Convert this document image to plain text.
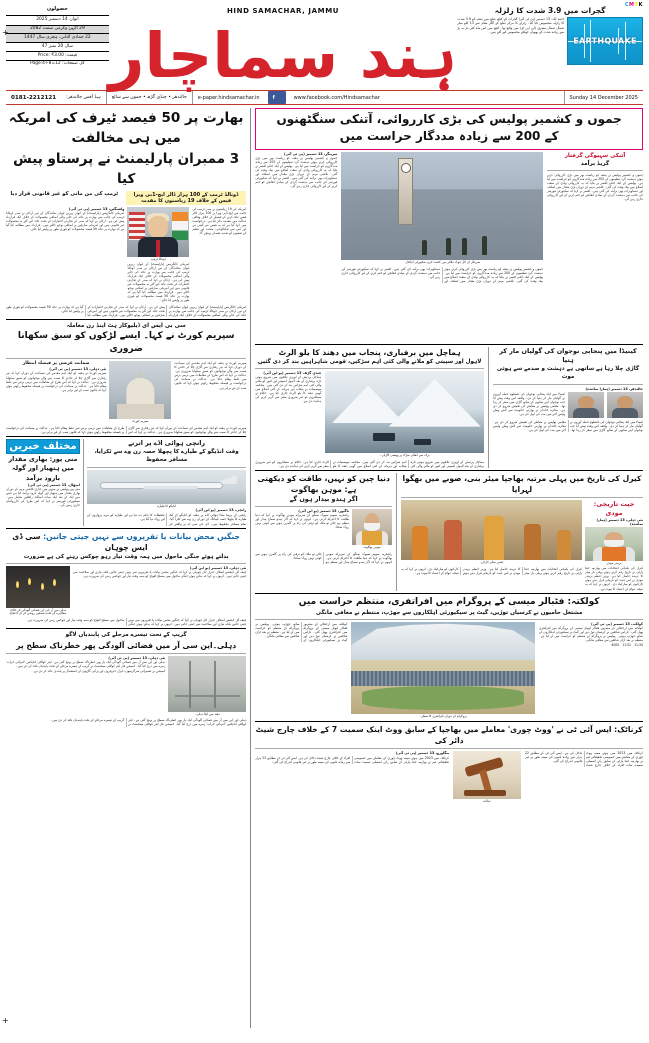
CMYK
+
گجرات میں 3.9 شدت کا زلزلہ
EARTHQUAKE
احمد آباد، 13 دسمبر (پی ٹی آئی) گجرات کے کچھ ضلع میں ہفتہ کو 3.9 شدت کا زلزلہ محسوس کیا گیا۔ زلزلے کا مرکز ضلع کے گگر مقام سے 13 کلو میٹر شمال شمال مشرق (این این ای) میں واقع تھا۔ کچھ میں اس ماہ کئی بار یہ پڑ سے زیادہ شدت کے بھوپاں جھٹکے محسوس کیے گئے ہیں۔
HIND SAMACHAR, JAMMU
ہند سماچار
حصولوں
اتوار، 14 دسمبر 2025
29 اگہن وکرمی سمت 2082
22 جمادی الثانی، ہجری سال 1447
سال 20 نمبر 47
قیمت: Price: ₹3.00
کل صفحات: Page:4+8=12
0181-2212121	ہیڈ آفس جالندھر:	جالندھر • چنڈی گڑھ • جموں سے شائع	e-paper.hindsamachar.in	f	www.facebook.com/Hindsamachar	Sunday 14 December 2025
جموں و کشمیر پولیس کی بڑی کارروائی، آتنکی سنگٹھنوں
کے 200 سے زیادہ مددگار حراست میں
آتنکی سہیوگی گرفتار
گریڈ برآمد
جموں و کشمیر پولیس نے ہفتہ کو ریاست بھر میں بڑی کارروائی کرتے ہوئے دہشت گرد تنظیموں کے 200 سے زیادہ مددگاروں کو حراست میں لیا ہے۔ پولیس کے ایک اعلیٰ افسر نے بتایا کہ یہ کارروائی وادی کے متعدد اضلاع میں بیک وقت کی گئی۔ تلاشی مہم کے دوران بڑی مقدار میں اسلحہ اور دستاویزات بھی برآمد کی گئی ہیں۔ افسر نے کہا کہ سکیورٹی فورسز کی جانب سے دہشت گردی کے بنیادی ڈھانچے کو ختم کرنے کے لیے کارروائی جاری رہے گی۔
سرینگر کے لال چوک علاقے میں گشت کرتے سکیورٹی اہلکار۔
جموں و کشمیر پولیس نے ہفتہ کو ریاست بھر میں بڑی کارروائی کرتے ہوئے دہشت گرد تنظیموں کے 200 سے زیادہ مددگاروں کو حراست میں لیا ہے۔ پولیس کے ایک اعلیٰ افسر نے بتایا کہ یہ کارروائی وادی کے متعدد اضلاع میں بیک وقت کی گئی۔ تلاشی مہم کے دوران بڑی مقدار میں اسلحہ اور دستاویزات بھی برآمد کی گئی ہیں۔ افسر نے کہا کہ سکیورٹی فورسز کی جانب سے دہشت گردی کے بنیادی ڈھانچے کو ختم کرنے کے لیے کارروائی جاری رہے گی۔
سرینگر، 13 دسمبر (پی ٹی آئی)
جموں و کشمیر پولیس نے ہفتہ کو ریاست بھر میں بڑی کارروائی کرتے ہوئے دہشت گرد تنظیموں کے 200 سے زیادہ مددگاروں کو حراست میں لیا ہے۔ پولیس کے ایک اعلیٰ افسر نے بتایا کہ یہ کارروائی وادی کے متعدد اضلاع میں بیک وقت کی گئی۔ تلاشی مہم کے دوران بڑی مقدار میں اسلحہ اور دستاویزات بھی برآمد کی گئی ہیں۔ افسر نے کہا کہ سکیورٹی فورسز کی جانب سے دہشت گردی کے بنیادی ڈھانچے کو ختم کرنے کے لیے کارروائی جاری رہے گی۔
کینیڈا میں پنجابی نوجوان کی گولیاں مار کر ہتیا
گاڑی چلا رہا ہے ساتھی ہے دہشت و صدمے سے ہوئی موت
جالندھر، 13 دسمبر (ہمارا نمائندہ)
کینیڈا میں ایک پنجابی نوجوان کی نامعلوم حملہ آوروں نے گولیاں مار کر ہتیا کر دی۔ واقعہ اس وقت پیش آیا جب نوجوان اپنے ساتھی کے ساتھ گاڑی میں سفر کر رہا تھا۔ مقامی پولیس نے معاملے کی تفتیش شروع کر دی ہے۔ متاثرہ خاندان نے بھارتی حکومت سے لاش وطن واپس لانے میں مدد کی اپیل کی ہے۔
کینیڈا میں ایک پنجابی نوجوان کی نامعلوم حملہ آوروں نے گولیاں مار کر ہتیا کر دی۔ واقعہ اس وقت پیش آیا جب نوجوان اپنے ساتھی کے ساتھ گاڑی میں سفر کر رہا تھا۔ مقامی پولیس نے معاملے کی تفتیش شروع کر دی ہے۔ متاثرہ خاندان نے بھارتی حکومت سے لاش وطن واپس لانے میں مدد کی اپیل کی ہے۔
ہماچل میں برفباری، پنجاب میں دھند کا یلو الرٹ
لاہول اور سپیتی کو ملانے والی کئی اہم سڑکیں، قومی شاہراہیں بند کر دی گئیں
برف سے ڈھکی سڑک پر پھنسی گاڑیاں۔
چندی گڑھ، 13 دسمبر (یو این آئی)
ہماچل پردیش کے اوپری علاقوں میں شروع ہوئی تازہ برفباری کے بعد لاہول اسپیتی اور کنور کو ملانے والی کئی اہم سڑکیں بند کر دی گئی ہیں۔ محکمہ موسمیات نے پنجاب اور ہریانہ کے کئی اضلاع میں گھنی دھند کا یلو الرٹ جاری کیا ہے۔ حکام نے مسافروں کو غیر ضروری سفر سے گریز کرنے کی ہدایت دی ہے۔
ہماچل پردیش کے اوپری علاقوں میں شروع ہوئی تازہ برفباری کے بعد لاہول اسپیتی اور کنور کو ملانے والی کئی اہم سڑکیں بند کر دی گئی ہیں۔ محکمہ موسمیات نے پنجاب اور ہریانہ کے کئی اضلاع میں گھنی دھند کا یلو الرٹ جاری کیا ہے۔ حکام نے مسافروں کو غیر ضروری سفر سے گریز کرنے کی ہدایت دی ہے۔
کیرل کی تاریخ میں پہلی مرتبہ بھاجپا میئر بنی، صوبے میں بھگوا لہرایا
جیت تاریخی: مودی
نئی دہلی، 13 دسمبر (ہمارا نمائندہ)
نریندر مودی
کیرل کی بلدیاتی انتخابات میں بھارتیہ جنتا پارٹی نے تاریخ رقم کرتے ہوئے پہلی بار میئر کا عہدہ حاصل کیا ہے۔ وزیر اعظم نریندر مودی نے اس جیت کو تاریخی قرار دیتے ہوئے کارکنوں کو مبارکباد دی۔ انہوں نے کہا کہ یہ نتیجہ عوام کے اعتماد کا ثبوت ہے۔
جشن مناتے کارکن۔
کیرل کی بلدیاتی انتخابات میں بھارتیہ جنتا پارٹی نے تاریخ رقم کرتے ہوئے پہلی بار میئر کا عہدہ حاصل کیا ہے۔ وزیر اعظم نریندر مودی نے اس جیت کو تاریخی قرار دیتے ہوئے کارکنوں کو مبارکباد دی۔ انہوں نے کہا کہ یہ نتیجہ عوام کے اعتماد کا ثبوت ہے۔
دنیا چین کو نہیں، طاقت کو دیکھتی ہے: موہن بھاگوت
اگر ہندو بیدار ہوں گے
موہن بھاگوت
ناگپور، 13 دسمبر (یو این آئی)
راشٹریہ سویم سیوک سنگھ کے سربراہ موہن بھاگوت نے کہا کہ دنیا طاقت کا احترام کرتی ہے۔ انہوں نے کہا کہ اگر ہندو سماج بیدار اور منظم ہو جائے تو ملک کو ترقی کی راہ پر گامزن ہونے سے کوئی نہیں روک سکتا۔
راشٹریہ سویم سیوک سنگھ کے سربراہ موہن بھاگوت نے کہا کہ دنیا طاقت کا احترام کرتی ہے۔ انہوں نے کہا کہ اگر ہندو سماج بیدار اور منظم ہو جائے تو ملک کو ترقی کی راہ پر گامزن ہونے سے کوئی نہیں روک سکتا۔
کولکتہ: فٹبالر میسی کے پروگرام میں افراتفری، منتظم حراست میں
مشتعل حامیوں نے کرسیاں توڑیں، گیٹ پر سیکیورٹی اہلکاروں سے جھڑپ، منتظم نے معافی مانگی
کولکتہ، 13 دسمبر (پی ٹی آئی)
کولکتہ میں ارجنٹائن کے مشہور فٹبالر لیونل میسی کے پروگرام میں افراتفری پھیل گئی۔ ناراض شائقین نے کرسیاں توڑ دیں اور گیٹ پر سیکیورٹی اہلکاروں کے ساتھ جھڑپ ہوئی۔ پولیس نے پروگرام کے منتظم کو حراست میں لے لیا ہے۔ منتظم نے بعد ازاں شائقین سے معافی مانگی۔
11:30   11:52   4000
پروگرام کے دوران افراتفری کا منظر۔
کولکتہ میں ارجنٹائن کے مشہور فٹبالر لیونل میسی کے پروگرام میں افراتفری پھیل گئی۔ ناراض شائقین نے کرسیاں توڑ دیں اور گیٹ پر سیکیورٹی اہلکاروں کے ساتھ جھڑپ ہوئی۔ پولیس نے پروگرام کے منتظم کو حراست میں لے لیا ہے۔ منتظم نے بعد ازاں شائقین سے معافی مانگی۔
کرناٹک: ایس آئی ٹی نے 'ووٹ چوری' معاملے میں بھاجپا کے سابق ووٹ اینک سمیت 7 کے خلاف چارج شیٹ دائر کی
کرناٹک میں 2023 میں ہوئے مبینہ ووٹ چوری کے معاملے میں خصوصی تحقیقاتی ٹیم نے بھارتیہ جنتا پارٹی کے سابق رکن اسمبلی سمیت سات افراد کے خلاف چارج شیٹ داخل کی ہے۔ ایس آئی ٹی کے مطابق 22 ہزار سے زیادہ ناموں کی مبینہ طور پر غیر قانونی اندراج کی گئی۔
عدالت
بنگلورو، 13 دسمبر (پی ٹی آئی)
کرناٹک میں 2023 میں ہوئے مبینہ ووٹ چوری کے معاملے میں خصوصی تحقیقاتی ٹیم نے بھارتیہ جنتا پارٹی کے سابق رکن اسمبلی سمیت سات افراد کے خلاف چارج شیٹ داخل کی ہے۔ ایس آئی ٹی کے مطابق 22 ہزار سے زیادہ ناموں کی مبینہ طور پر غیر قانونی اندراج کی گئی۔
بھارت پر 50 فیصد ٹیرف کی امریکہ میں ہی مخالفت
3 ممبران پارلیمنٹ نے پرستاو پیش کیا
ڈونالڈ ٹرمپ کے 100 ہزار ڈالر ایچ-1بی ویزا فیس کے خلاف 19 ریاستوں کا مقدمہ
ٹرمپ کی من مانی کو غیر قانونی قرار دیا
امریکہ کی 19 ریاستوں نے صدر ٹرمپ کی جانب سے ایچ-1بی ویزا پر 100 ہزار ڈالر فیس عائد کرنے کے فیصلے کے خلاف وفاقی عدالت میں مقدمہ دائر کیا ہے۔ درخواست میں کہا گیا ہے کہ یہ فیس غیر آئینی ہے اور اس سے ٹیکنالوجی، صحت اور تعلیم کے شعبوں کو شدید نقصان پہنچے گا۔
ڈونالڈ ٹرمپ
امریکی کانگریس (پارلیمنٹ) کے ایوان زیریں ایوان نمائندگان کے تین ارکان نے صدر ڈونالڈ ٹرمپ کی جانب سے بھارت پر عائد کی جانے والی اضافی محصولات کے خلاف ایک قرارداد پیش کی ہے۔ ارکان نے کہا کہ صدر کے تجارتی اختیارات کے تحت عائد کیے گئے یہ محصولات غیر قانونی ہیں اور امریکی صارفین پر اضافی بوجھ ڈالتے ہیں۔ قرارداد میں مطالبہ کیا گیا ہے کہ بھارت پر عائد 50 فیصد محصولات کو فوری طور پر واپس لیا جائے۔
واشنگٹن، 13 دسمبر (پی ٹی آئی)
امریکی کانگریس (پارلیمنٹ) کے ایوان زیریں ایوان نمائندگان کے تین ارکان نے صدر ڈونالڈ ٹرمپ کی جانب سے بھارت پر عائد کی جانے والی اضافی محصولات کے خلاف ایک قرارداد پیش کی ہے۔ ارکان نے کہا کہ صدر کے تجارتی اختیارات کے تحت عائد کیے گئے یہ محصولات غیر قانونی ہیں اور امریکی صارفین پر اضافی بوجھ ڈالتے ہیں۔ قرارداد میں مطالبہ کیا گیا ہے کہ بھارت پر عائد 50 فیصد محصولات کو فوری طور پر واپس لیا جائے۔
امریکی کانگریس (پارلیمنٹ) کے ایوان زیریں ایوان نمائندگان کے تین ارکان نے صدر ڈونالڈ ٹرمپ کی جانب سے بھارت پر عائد کی جانے والی اضافی محصولات کے خلاف ایک قرارداد پیش کی ہے۔ ارکان نے کہا کہ صدر کے تجارتی اختیارات کے تحت عائد کیے گئے یہ محصولات غیر قانونی ہیں اور امریکی صارفین پر اضافی بوجھ ڈالتے ہیں۔ قرارداد میں مطالبہ کیا گیا ہے کہ بھارت پر عائد 50 فیصد محصولات کو فوری طور پر واپس لیا جائے۔
سی بی ایس ای ڈیلیوکار ہٹ اینڈ رن معاملہ
سپریم کورٹ نے کہا۔ ایسے لڑکوں کو سبق سکھانا ضروری
سپریم کورٹ نے ہفتہ کو ایک اہم مقدمے کی سماعت کے دوران کہا کہ تیز رفتاری سے گاڑی چلا کر حادثے کا سبب بننے والے نوجوانوں کو سبق سکھانا ضروری ہے۔ عدالت نے کہا کہ اس طرح کے معاملات میں نرمی برتنے سے غلط پیغام جاتا ہے۔ عدالت نے ضمانت کی درخواست پر فیصلہ محفوظ رکھتے ہوئے کہا کہ قانون سب کے لیے برابر ہے۔
سپریم کورٹ
ضمانت عرضی پر فیصلہ انتظار
نئی دہلی، 13 دسمبر (پی ٹی آئی)
سپریم کورٹ نے ہفتہ کو ایک اہم مقدمے کی سماعت کے دوران کہا کہ تیز رفتاری سے گاڑی چلا کر حادثے کا سبب بننے والے نوجوانوں کو سبق سکھانا ضروری ہے۔ عدالت نے کہا کہ اس طرح کے معاملات میں نرمی برتنے سے غلط پیغام جاتا ہے۔ عدالت نے ضمانت کی درخواست پر فیصلہ محفوظ رکھتے ہوئے کہا کہ قانون سب کے لیے برابر ہے۔
سپریم کورٹ نے ہفتہ کو ایک اہم مقدمے کی سماعت کے دوران کہا کہ تیز رفتاری سے گاڑی چلا کر حادثے کا سبب بننے والے نوجوانوں کو سبق سکھانا ضروری ہے۔ عدالت نے کہا کہ اس طرح کے معاملات میں نرمی برتنے سے غلط پیغام جاتا ہے۔ عدالت نے ضمانت کی درخواست پر فیصلہ محفوظ رکھتے ہوئے کہا کہ قانون سب کے لیے برابر ہے۔
رانچی ہوائی اڈے پر اترتے
وقت انڈیگو کے طیارے کا پچھلا حصہ رن وے سے ٹکرایا، مسافر محفوظ
انڈیگو کا طیارہ
رانچی، 13 دسمبر (یو این آئی)
رانچی کے برسا منڈا ہوائی اڈے پر ہفتہ کو انڈیگو کے ایک طیارے کا پچھلا حصہ لینڈنگ کے دوران رن وے سے ٹکرا گیا۔ تمام مسافر محفوظ ہیں۔ ڈی جی سی اے نے واقعے کی تحقیقات کا حکم دے دیا ہے اور طیارے کو مزید پروازوں کے لیے روک دیا گیا ہے۔
مختلف خبریں
منی پور: بھاری مقدار میں ہتھیار اور گولہ بارود برآمد
امپھال، 13 دسمبر (پی ٹی آئی)
منی پور پولیس نے صوبے میں جاری تلاشی مہم کے دوران بھاری مقدار میں ہتھیار اور گولہ بارود برآمد کیا ہے جس میں ایک کے بعد ایک سات اسالٹ رائفلیں شامل ہیں۔ سیکیورٹی فورسز نے کہا کہ اس طرح کی کارروائیاں جاری رہیں گی۔
جنگیں محض بیانات یا تقریروں سے نہیں جیتی جاتیں: سی ڈی ایس چوہان
بدلتے ہوئے جنگی ماحول میں ہمہ وقت تیار رہو چوکس رہنے کی ہے ضرورت
نئی دہلی، 13 دسمبر (یو این آئی)
چیف آف ڈیفنس اسٹاف جنرل انل چوہان نے کہا کہ جنگیں محض بیانات یا تقریروں سے نہیں جیتی جاتیں بلکہ تیاری اور صلاحیت سے جیتی جاتی ہیں۔ انہوں نے کہا کہ بدلتے ہوئے جنگی ماحول میں مسلح افواج کو ہمہ وقت تیار اور چوکس رہنے کی ضرورت ہے۔
دہلی میں آر جی این فضائی آلودگی کے خلاف مظاہرے کے تحت شمعیں روشن کر کے احتجاج
چیف آف ڈیفنس اسٹاف جنرل انل چوہان نے کہا کہ جنگیں محض بیانات یا تقریروں سے نہیں جیتی جاتیں بلکہ تیاری اور صلاحیت سے جیتی جاتی ہیں۔ انہوں نے کہا کہ بدلتے ہوئے جنگی ماحول میں مسلح افواج کو ہمہ وقت تیار اور چوکس رہنے کی ضرورت ہے۔
گریپ کے تحت تیسرے مرحلے کی پابندیاں لاگو
دہلی۔این سی آر میں فضائی آلودگی پھر خطرناک سطح پر
دھند میں لپٹا دہلی۔
نئی دہلی، 13 دسمبر (پی ٹی آئی)
دہلی اور این سی آر میں فضائی آلودگی ایک بار پھر خطرناک سطح پر پہنچ گئی ہے۔ ایئر کوالٹی انڈیکس 'انتہائی خراب' زمرے میں درج کیا گیا۔ کمیشن فار ایئر کوالٹی مینجمنٹ نے گریپ کے تیسرے مرحلے کے تحت پابندیاں نافذ کر دی ہیں۔
کمیشن نے تعمیراتی سرگرمیوں، ڈیزل جنریٹروں اور پرانی گاڑیوں کے استعمال پر پابندی عائد کر دی ہے۔
دہلی اور این سی آر میں فضائی آلودگی ایک بار پھر خطرناک سطح پر پہنچ گئی ہے۔ ایئر کوالٹی انڈیکس 'انتہائی خراب' زمرے میں درج کیا گیا۔ کمیشن فار ایئر کوالٹی مینجمنٹ نے گریپ کے تیسرے مرحلے کے تحت پابندیاں نافذ کر دی ہیں۔
+
